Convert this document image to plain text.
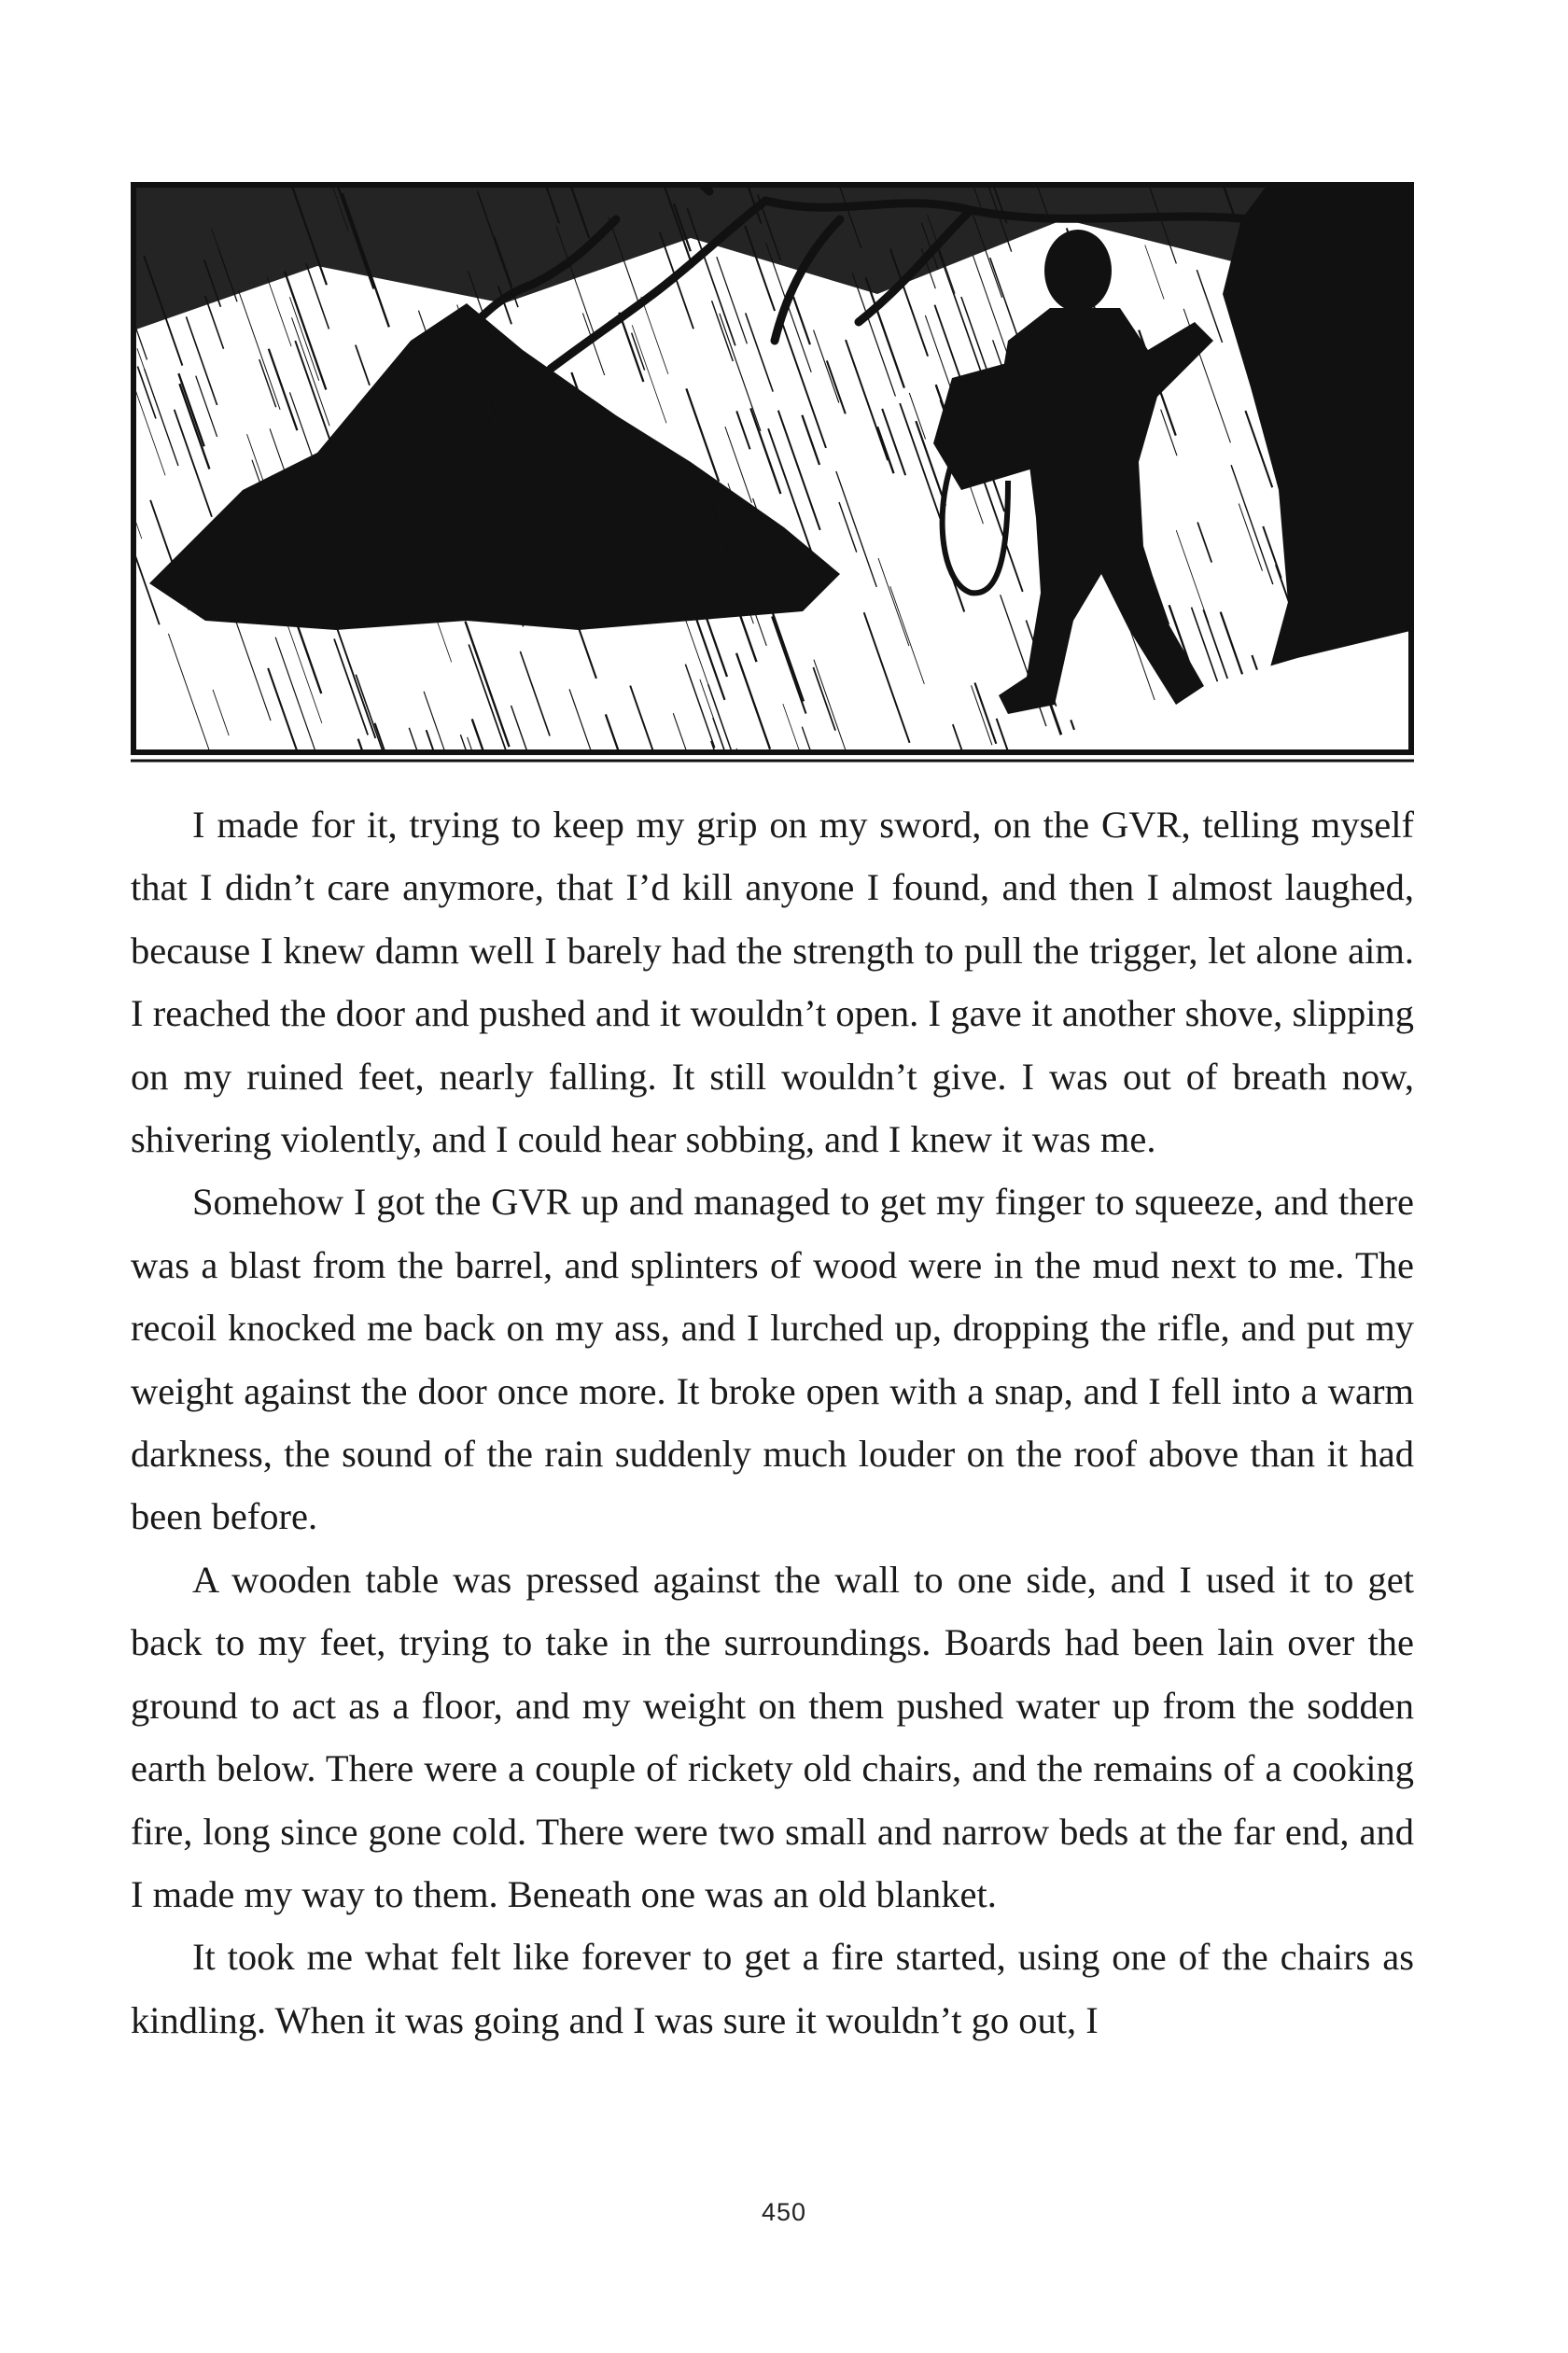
I made for it, trying to keep my grip on my sword, on the GVR, telling myself that I didn’t care anymore, that I’d kill anyone I found, and then I almost laughed, because I knew damn well I barely had the strength to pull the trigger, let alone aim. I reached the door and pushed and it wouldn’t open. I gave it another shove, slipping on my ruined feet, nearly falling. It still wouldn’t give. I was out of breath now, shivering violently, and I could hear sobbing, and I knew it was me.

Somehow I got the GVR up and managed to get my finger to squeeze, and there was a blast from the barrel, and splinters of wood were in the mud next to me. The recoil knocked me back on my ass, and I lurched up, dropping the rifle, and put my weight against the door once more. It broke open with a snap, and I fell into a warm darkness, the sound of the rain suddenly much louder on the roof above than it had been before.

A wooden table was pressed against the wall to one side, and I used it to get back to my feet, trying to take in the surroundings. Boards had been lain over the ground to act as a floor, and my weight on them pushed water up from the sodden earth below. There were a couple of rickety old chairs, and the remains of a cooking fire, long since gone cold. There were two small and narrow beds at the far end, and I made my way to them. Beneath one was an old blanket.

It took me what felt like forever to get a fire started, using one of the chairs as kindling. When it was going and I was sure it wouldn’t go out, I

450
